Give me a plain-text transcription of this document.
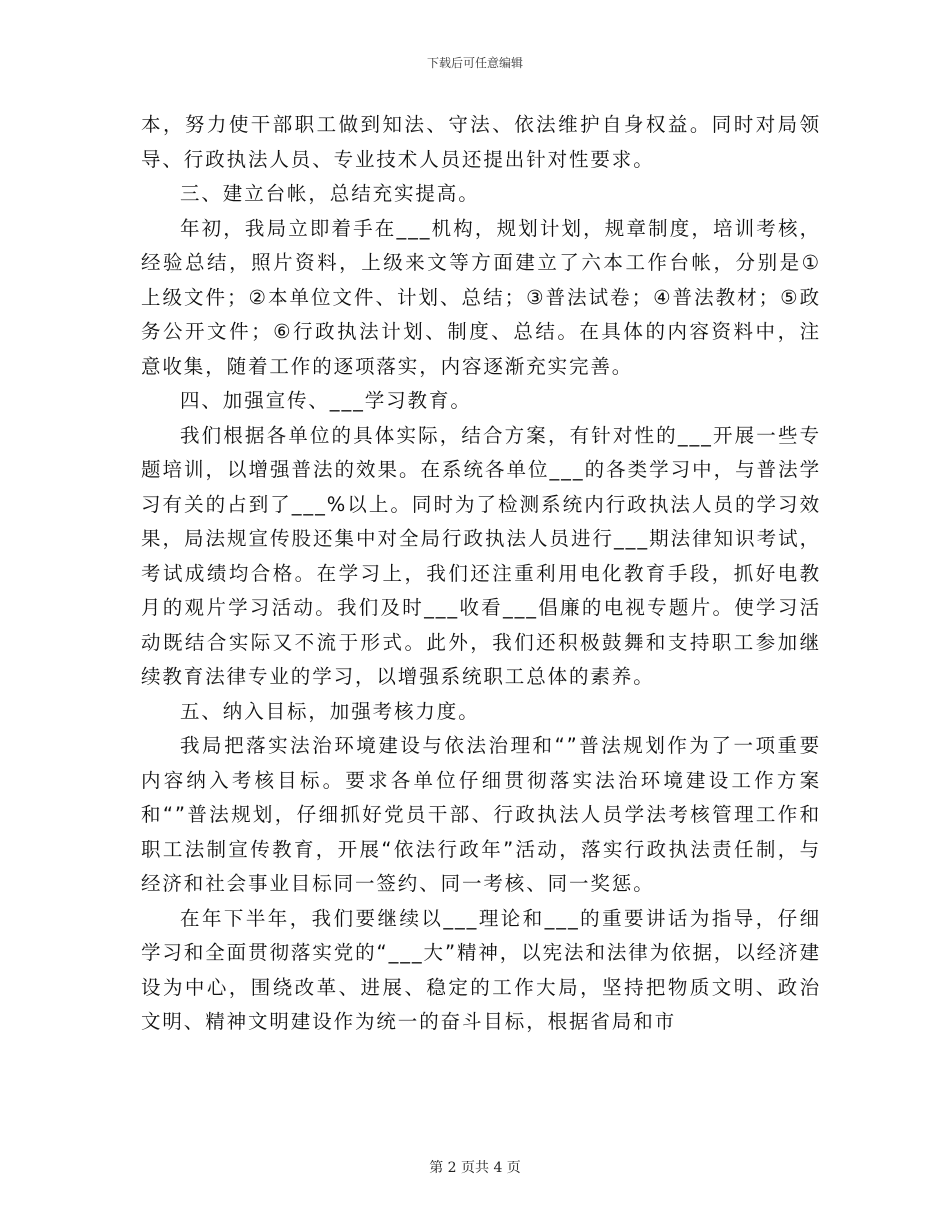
下载后可任意编辑

本，努力使干部职工做到知法、守法、依法维护自身权益。同时对局领导、行政执法人员、专业技术人员还提出针对性要求。

三、建立台帐，总结充实提高。

年初，我局立即着手在___机构，规划计划，规章制度，培训考核，经验总结，照片资料，上级来文等方面建立了六本工作台帐，分别是①上级文件；②本单位文件、计划、总结；③普法试卷；④普法教材；⑤政务公开文件；⑥行政执法计划、制度、总结。在具体的内容资料中，注意收集，随着工作的逐项落实，内容逐渐充实完善。

四、加强宣传、___学习教育。

我们根据各单位的具体实际，结合方案，有针对性的___开展一些专题培训，以增强普法的效果。在系统各单位___的各类学习中，与普法学习有关的占到了___%以上。同时为了检测系统内行政执法人员的学习效果，局法规宣传股还集中对全局行政执法人员进行___期法律知识考试，考试成绩均合格。在学习上，我们还注重利用电化教育手段，抓好电教月的观片学习活动。我们及时___收看___倡廉的电视专题片。使学习活动既结合实际又不流于形式。此外，我们还积极鼓舞和支持职工参加继续教育法律专业的学习，以增强系统职工总体的素养。

五、纳入目标，加强考核力度。

我局把落实法治环境建设与依法治理和“”普法规划作为了一项重要内容纳入考核目标。要求各单位仔细贯彻落实法治环境建设工作方案和“”普法规划，仔细抓好党员干部、行政执法人员学法考核管理工作和职工法制宣传教育，开展“依法行政年”活动，落实行政执法责任制，与经济和社会事业目标同一签约、同一考核、同一奖惩。

在年下半年，我们要继续以___理论和___的重要讲话为指导，仔细学习和全面贯彻落实党的“___大”精神，以宪法和法律为依据，以经济建设为中心，围绕改革、进展、稳定的工作大局，坚持把物质文明、政治文明、精神文明建设作为统一的奋斗目标，根据省局和市

第 2 页共 4 页
